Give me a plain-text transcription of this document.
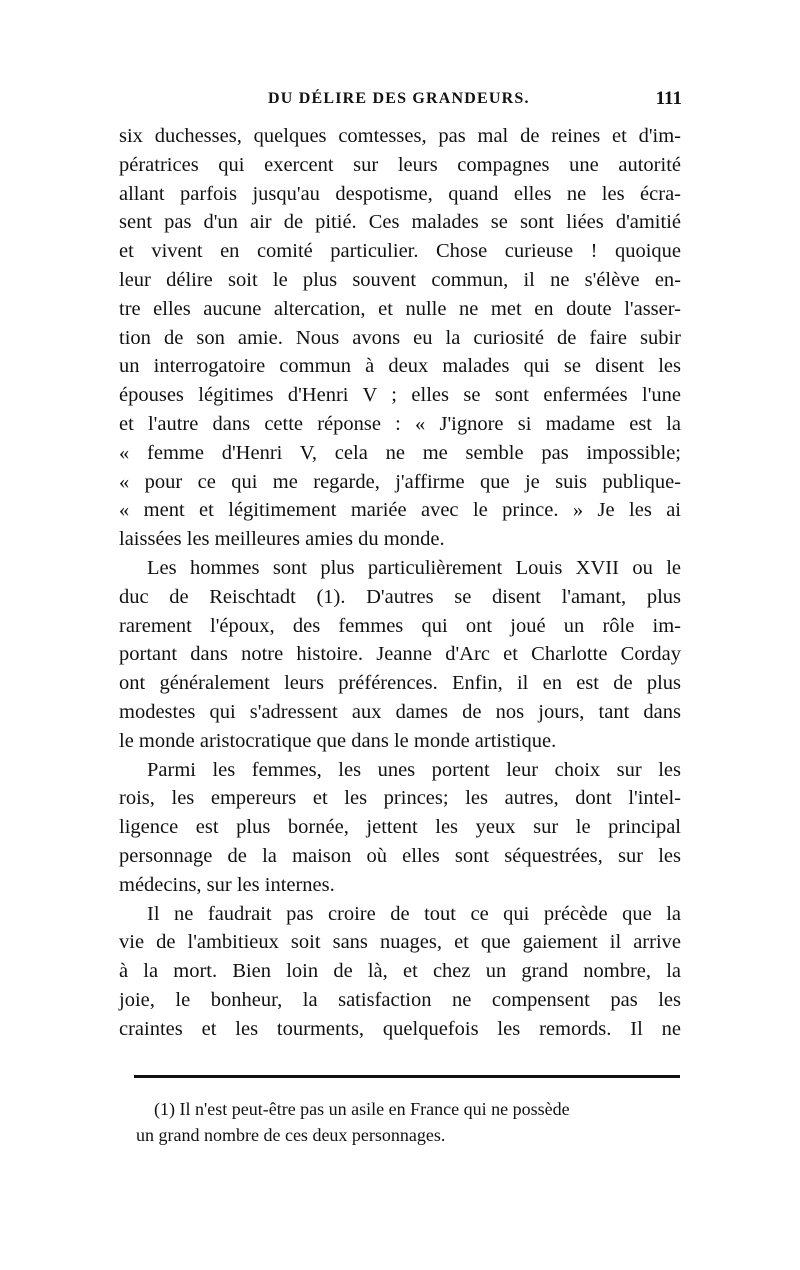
DU DÉLIRE DES GRANDEURS.	111
six duchesses, quelques comtesses, pas mal de reines et d'im-
pératrices qui exercent sur leurs compagnes une autorité
allant parfois jusqu'au despotisme, quand elles ne les écra-
sent pas d'un air de pitié. Ces malades se sont liées d'amitié
et vivent en comité particulier. Chose curieuse ! quoique
leur délire soit le plus souvent commun, il ne s'élève en-
tre elles aucune altercation, et nulle ne met en doute l'asser-
tion de son amie. Nous avons eu la curiosité de faire subir
un interrogatoire commun à deux malades qui se disent les
épouses légitimes d'Henri V ; elles se sont enfermées l'une
et l'autre dans cette réponse : « J'ignore si madame est la
« femme d'Henri V, cela ne me semble pas impossible;
« pour ce qui me regarde, j'affirme que je suis publique-
« ment et légitimement mariée avec le prince. » Je les ai
laissées les meilleures amies du monde.
Les hommes sont plus particulièrement Louis XVII ou le
duc de Reischtadt (1). D'autres se disent l'amant, plus
rarement l'époux, des femmes qui ont joué un rôle im-
portant dans notre histoire. Jeanne d'Arc et Charlotte Corday
ont généralement leurs préférences. Enfin, il en est de plus
modestes qui s'adressent aux dames de nos jours, tant dans
le monde aristocratique que dans le monde artistique.
Parmi les femmes, les unes portent leur choix sur les
rois, les empereurs et les princes; les autres, dont l'intel-
ligence est plus bornée, jettent les yeux sur le principal
personnage de la maison où elles sont séquestrées, sur les
médecins, sur les internes.
Il ne faudrait pas croire de tout ce qui précède que la
vie de l'ambitieux soit sans nuages, et que gaiement il arrive
à la mort. Bien loin de là, et chez un grand nombre, la
joie, le bonheur, la satisfaction ne compensent pas les
craintes et les tourments, quelquefois les remords. Il ne
(1) Il n'est peut-être pas un asile en France qui ne possède
un grand nombre de ces deux personnages.
